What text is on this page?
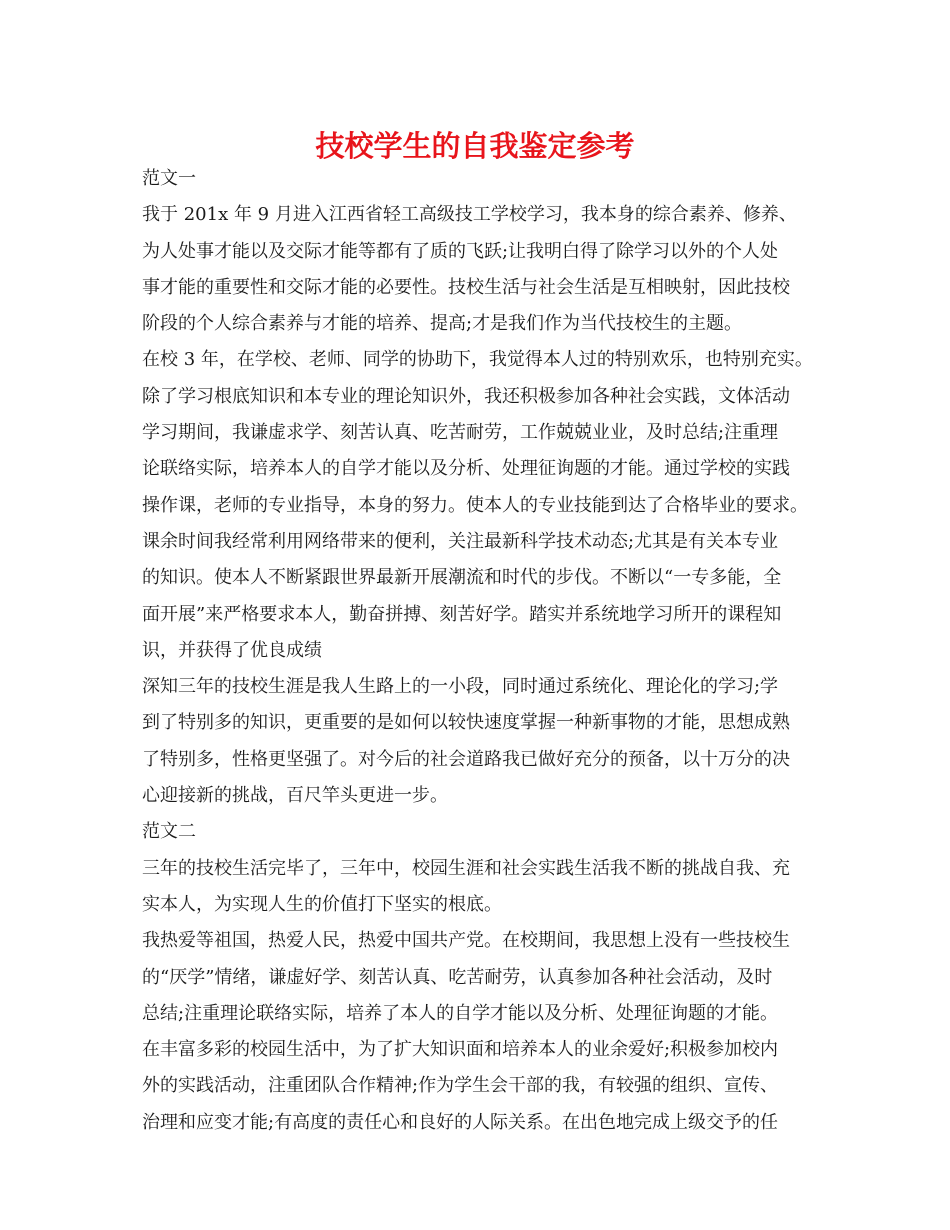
技校学生的自我鉴定参考
范文一
我于 201x 年 9 月进入江西省轻工高级技工学校学习，我本身的综合素养、修养、
为人处事才能以及交际才能等都有了质的飞跃;让我明白得了除学习以外的个人处
事才能的重要性和交际才能的必要性。技校生活与社会生活是互相映射，因此技校
阶段的个人综合素养与才能的培养、提高;才是我们作为当代技校生的主题。
在校 3 年，在学校、老师、同学的协助下，我觉得本人过的特别欢乐，也特别充实。
除了学习根底知识和本专业的理论知识外，我还积极参加各种社会实践，文体活动
学习期间，我谦虚求学、刻苦认真、吃苦耐劳，工作兢兢业业，及时总结;注重理
论联络实际，培养本人的自学才能以及分析、处理征询题的才能。通过学校的实践
操作课，老师的专业指导，本身的努力。使本人的专业技能到达了合格毕业的要求。
课余时间我经常利用网络带来的便利，关注最新科学技术动态;尤其是有关本专业
的知识。使本人不断紧跟世界最新开展潮流和时代的步伐。不断以“一专多能，全
面开展”来严格要求本人，勤奋拼搏、刻苦好学。踏实并系统地学习所开的课程知
识，并获得了优良成绩
深知三年的技校生涯是我人生路上的一小段，同时通过系统化、理论化的学习;学
到了特别多的知识，更重要的是如何以较快速度掌握一种新事物的才能，思想成熟
了特别多，性格更坚强了。对今后的社会道路我已做好充分的预备，以十万分的决
心迎接新的挑战，百尺竿头更进一步。
范文二
三年的技校生活完毕了，三年中，校园生涯和社会实践生活我不断的挑战自我、充
实本人，为实现人生的价值打下坚实的根底。
我热爱等祖国，热爱人民，热爱中国共产党。在校期间，我思想上没有一些技校生
的“厌学”情绪，谦虚好学、刻苦认真、吃苦耐劳，认真参加各种社会活动，及时
总结;注重理论联络实际，培养了本人的自学才能以及分析、处理征询题的才能。
在丰富多彩的校园生活中，为了扩大知识面和培养本人的业余爱好;积极参加校内
外的实践活动，注重团队合作精神;作为学生会干部的我，有较强的组织、宣传、
治理和应变才能;有高度的责任心和良好的人际关系。在出色地完成上级交予的任
